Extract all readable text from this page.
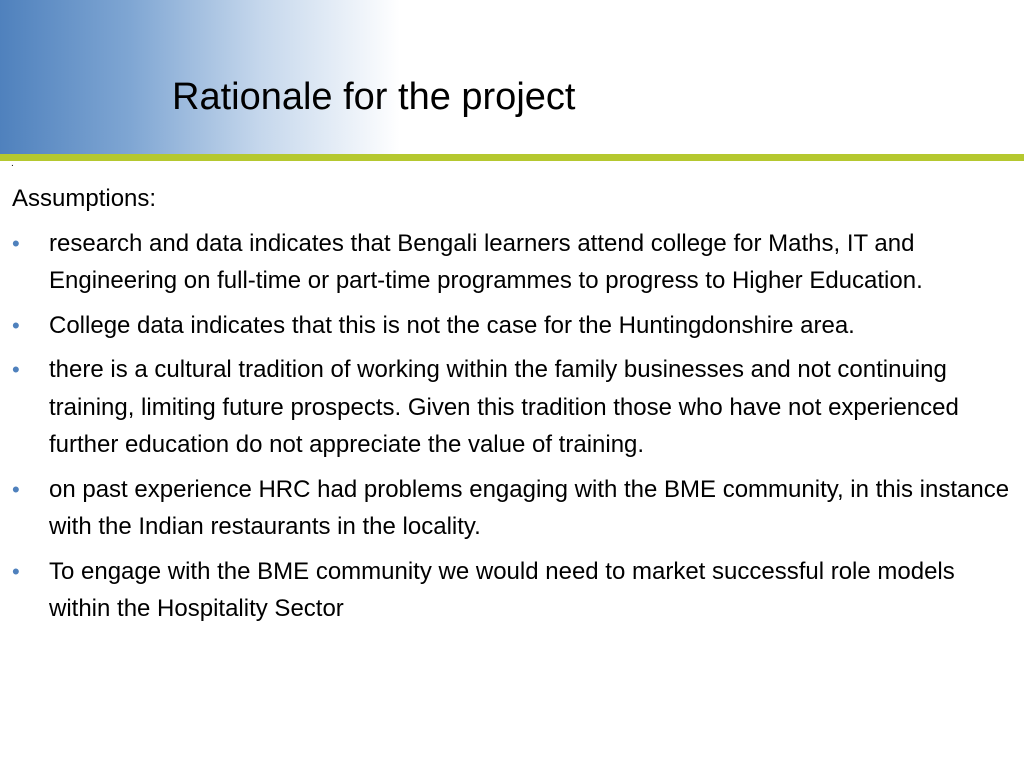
Rationale for the project
.

Assumptions:

• research and data indicates that Bengali learners attend college for Maths, IT and Engineering on full-time or part-time programmes to progress to Higher Education.
• College data indicates that this is not the case for the Huntingdonshire area.
• there is a cultural tradition of working within the family businesses and not continuing training, limiting future prospects. Given this tradition those who have not experienced further education do not appreciate the value of training.
• on past experience HRC had problems engaging with the BME community, in this instance with the Indian restaurants in the locality.
• To engage with the BME community we would need to market successful role models within the Hospitality Sector
